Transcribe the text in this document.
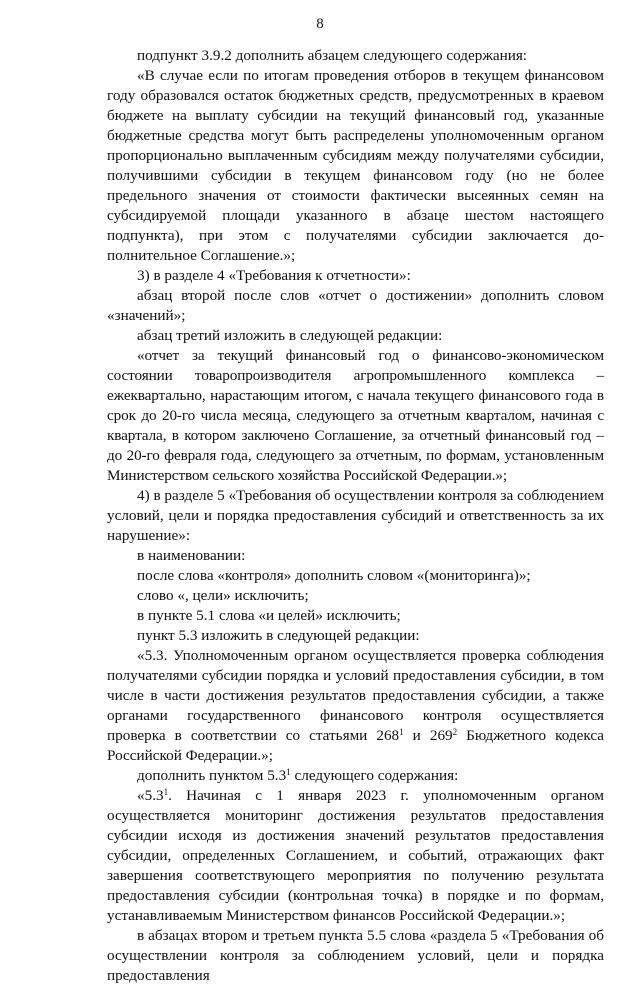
8

подпункт 3.9.2 дополнить абзацем следующего содержания:

«В случае если по итогам проведения отборов в текущем финансовом году образовался остаток бюджетных средств, предусмотренных в краевом бюджете на выплату субсидии на текущий финансовый год, указанные бюджетные средства могут быть распределены уполномоченным органом пропорционально выплаченным субсидиям между получателями субсидии, получившими субсидии в текущем финансовом году (но не более предельного значения от стоимости фактически высеянных семян на субсидируемой площади указанного в абзаце шестом настоящего подпункта), при этом с получателями субсидии заключается дополнительное Соглашение.»;

3) в разделе 4 «Требования к отчетности»:

абзац второй после слов «отчет о достижении» дополнить словом «значений»;

абзац третий изложить в следующей редакции:

«отчет за текущий финансовый год о финансово-экономическом состоянии товаропроизводителя агропромышленного комплекса – ежеквартально, нарастающим итогом, с начала текущего финансового года в срок до 20-го числа месяца, следующего за отчетным кварталом, начиная с квартала, в котором заключено Соглашение, за отчетный финансовый год – до 20-го февраля года, следующего за отчетным, по формам, установленным Министерством сельского хозяйства Российской Федерации.»;

4) в разделе 5 «Требования об осуществлении контроля за соблюдением условий, цели и порядка предоставления субсидий и ответственность за их нарушение»:

в наименовании:

после слова «контроля» дополнить словом «(мониторинга)»;

слово «, цели» исключить;

в пункте 5.1 слова «и целей» исключить;

пункт 5.3 изложить в следующей редакции:

«5.3. Уполномоченным органом осуществляется проверка соблюдения получателями субсидии порядка и условий предоставления субсидии, в том числе в части достижения результатов предоставления субсидии, а также органами государственного финансового контроля осуществляется проверка в соответствии со статьями $268^1$ и $269^2$ Бюджетного кодекса Российской Федерации.»;

дополнить пунктом $5.3^1$ следующего содержания:

«$5.3^1$. Начиная с 1 января 2023 г. уполномоченным органом осуществляется мониторинг достижения результатов предоставления субсидии исходя из достижения значений результатов предоставления субсидии, определенных Соглашением, и событий, отражающих факт завершения соответствующего мероприятия по получению результата предоставления субсидии (контрольная точка) в порядке и по формам, устанавливаемым Министерством финансов Российской Федерации.»;

в абзацах втором и третьем пункта 5.5 слова «раздела 5 «Требования об осуществлении контроля за соблюдением условий, цели и порядка предоставления
